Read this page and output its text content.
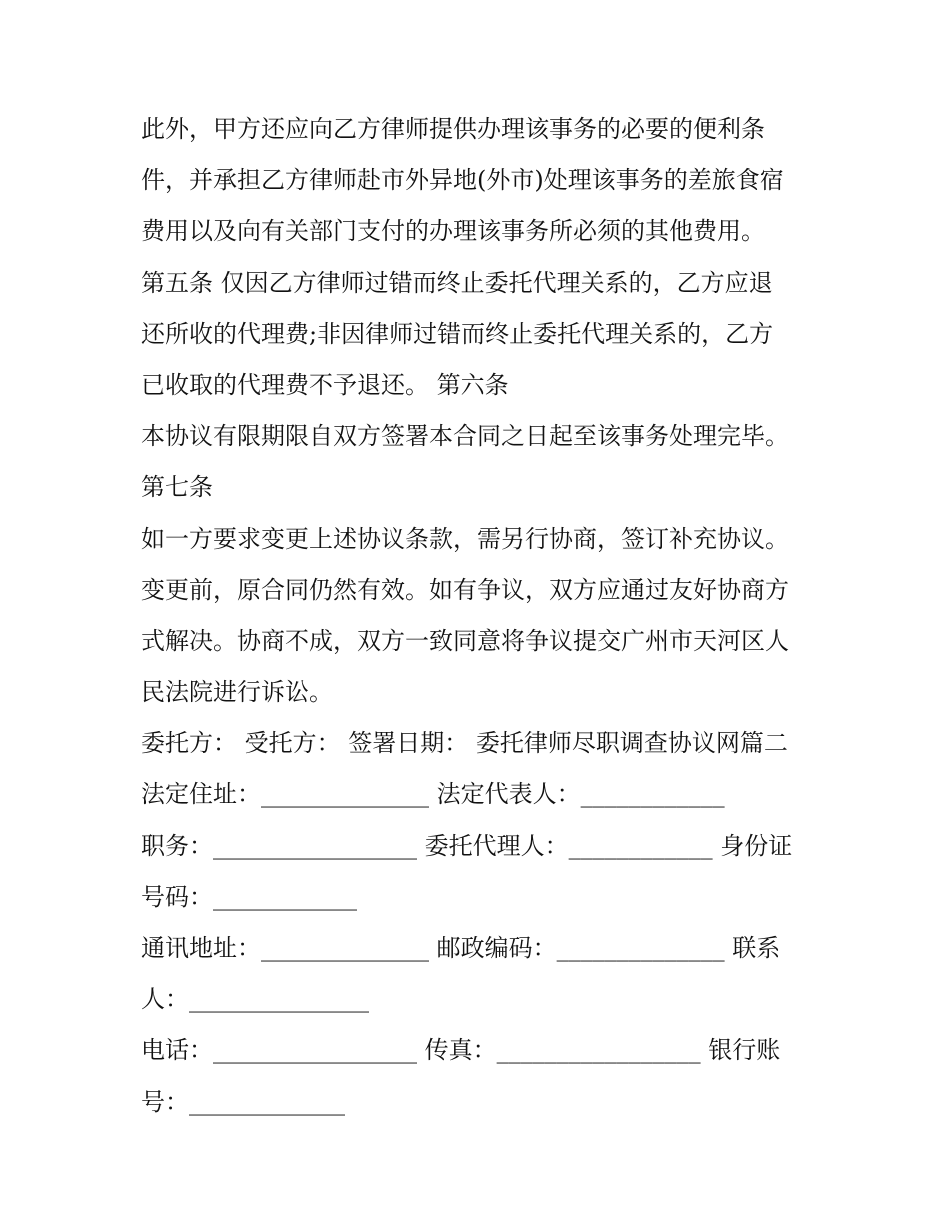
此外，甲方还应向乙方律师提供办理该事务的必要的便利条
件，并承担乙方律师赴市外异地(外市)处理该事务的差旅食宿
费用以及向有关部门支付的办理该事务所必须的其他费用。
第五条 仅因乙方律师过错而终止委托代理关系的，乙方应退
还所收的代理费;非因律师过错而终止委托代理关系的，乙方
已收取的代理费不予退还。 第六条
本协议有限期限自双方签署本合同之日起至该事务处理完毕。
第七条
如一方要求变更上述协议条款，需另行协商，签订补充协议。
变更前，原合同仍然有效。如有争议，双方应通过友好协商方
式解决。协商不成，双方一致同意将争议提交广州市天河区人
民法院进行诉讼。
委托方： 受托方： 签署日期： 委托律师尽职调查协议网篇二
法定住址：______________ 法定代表人：____________
职务：_________________ 委托代理人：____________ 身份证
号码：____________
通讯地址：______________ 邮政编码：______________ 联系
人：_______________
电话：_________________ 传真：_________________ 银行账
号：_____________
